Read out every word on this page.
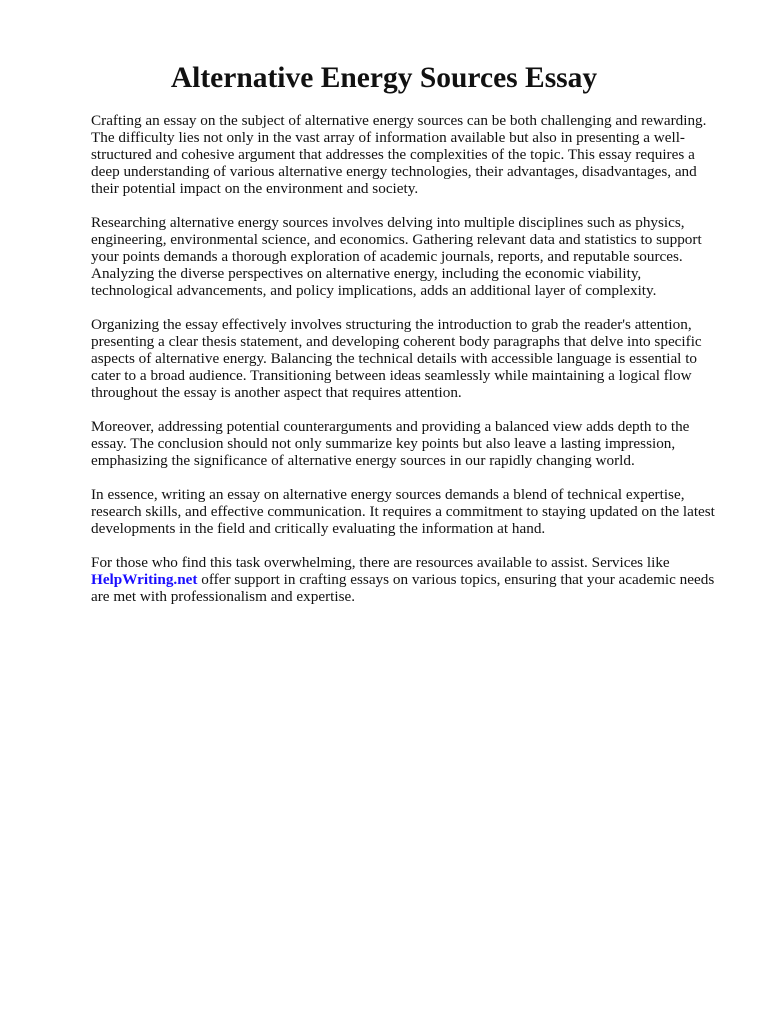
Alternative Energy Sources Essay

Crafting an essay on the subject of alternative energy sources can be both challenging and rewarding. The difficulty lies not only in the vast array of information available but also in presenting a well-structured and cohesive argument that addresses the complexities of the topic. This essay requires a deep understanding of various alternative energy technologies, their advantages, disadvantages, and their potential impact on the environment and society.

Researching alternative energy sources involves delving into multiple disciplines such as physics, engineering, environmental science, and economics. Gathering relevant data and statistics to support your points demands a thorough exploration of academic journals, reports, and reputable sources. Analyzing the diverse perspectives on alternative energy, including the economic viability, technological advancements, and policy implications, adds an additional layer of complexity.

Organizing the essay effectively involves structuring the introduction to grab the reader's attention, presenting a clear thesis statement, and developing coherent body paragraphs that delve into specific aspects of alternative energy. Balancing the technical details with accessible language is essential to cater to a broad audience. Transitioning between ideas seamlessly while maintaining a logical flow throughout the essay is another aspect that requires attention.

Moreover, addressing potential counterarguments and providing a balanced view adds depth to the essay. The conclusion should not only summarize key points but also leave a lasting impression, emphasizing the significance of alternative energy sources in our rapidly changing world.

In essence, writing an essay on alternative energy sources demands a blend of technical expertise, research skills, and effective communication. It requires a commitment to staying updated on the latest developments in the field and critically evaluating the information at hand.

For those who find this task overwhelming, there are resources available to assist. Services like HelpWriting.net offer support in crafting essays on various topics, ensuring that your academic needs are met with professionalism and expertise.
